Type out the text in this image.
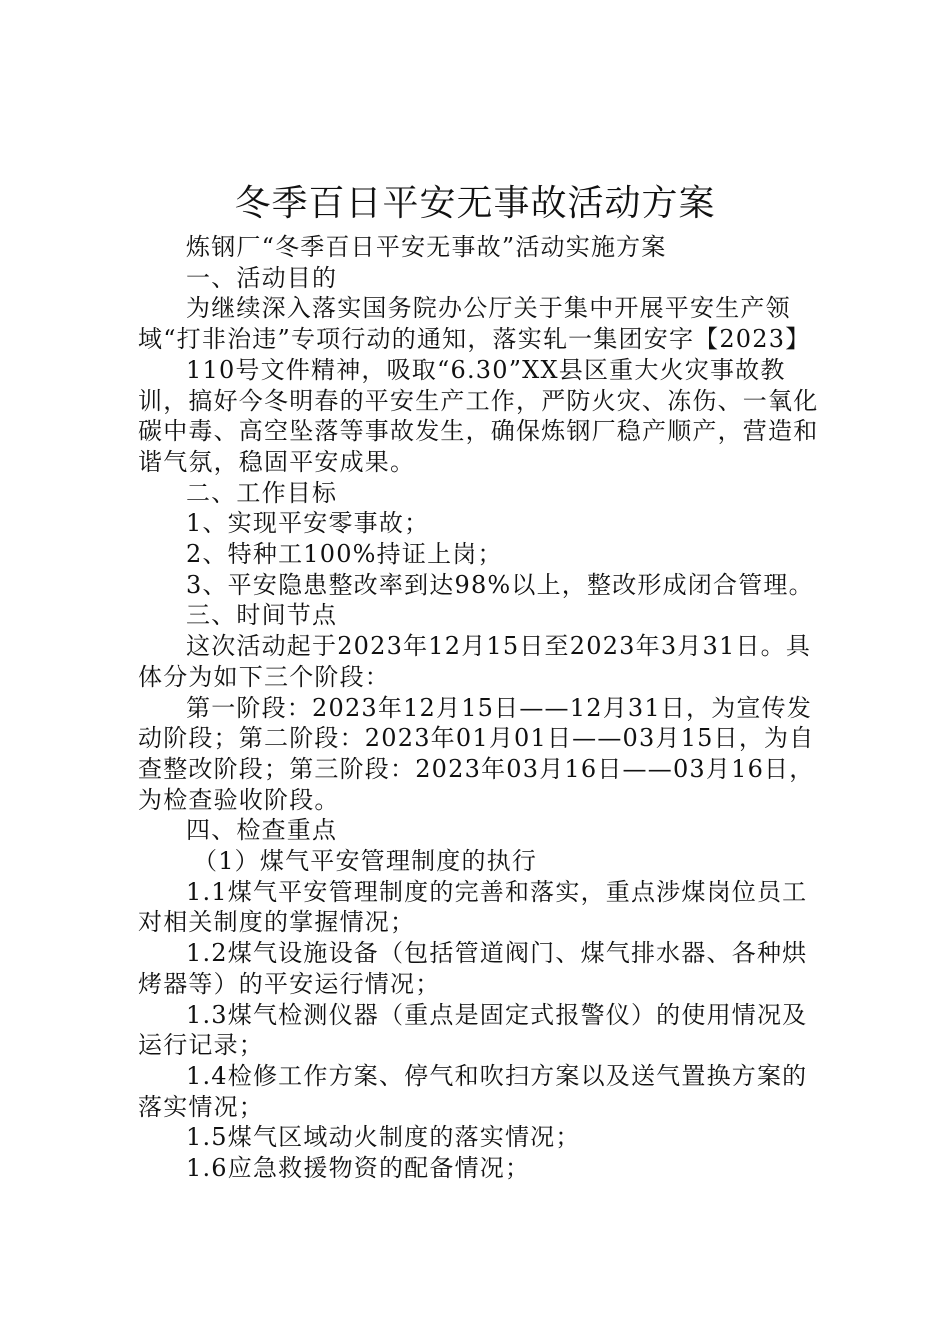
冬季百日平安无事故活动方案

炼钢厂“冬季百日平安无事故”活动实施方案

一、活动目的

为继续深入落实国务院办公厅关于集中开展平安生产领域“打非治违”专项行动的通知，落实轧一集团安字【2023】

110号文件精神，吸取“6.30”XX县区重大火灾事故教训，搞好今冬明春的平安生产工作，严防火灾、冻伤、一氧化碳中毒、高空坠落等事故发生，确保炼钢厂稳产顺产，营造和谐气氛，稳固平安成果。

二、工作目标

1、实现平安零事故；

2、特种工100%持证上岗；

3、平安隐患整改率到达98%以上，整改形成闭合管理。

三、时间节点

这次活动起于2023年12月15日至2023年3月31日。具体分为如下三个阶段：

第一阶段：2023年12月15日——12月31日，为宣传发动阶段；第二阶段：2023年01月01日——03月15日，为自查整改阶段；第三阶段：2023年03月16日——03月16日，为检查验收阶段。

四、检查重点

（1）煤气平安管理制度的执行

1.1煤气平安管理制度的完善和落实，重点涉煤岗位员工对相关制度的掌握情况；

1.2煤气设施设备（包括管道阀门、煤气排水器、各种烘烤器等）的平安运行情况；

1.3煤气检测仪器（重点是固定式报警仪）的使用情况及运行记录；

1.4检修工作方案、停气和吹扫方案以及送气置换方案的落实情况；

1.5煤气区域动火制度的落实情况；

1.6应急救援物资的配备情况；
